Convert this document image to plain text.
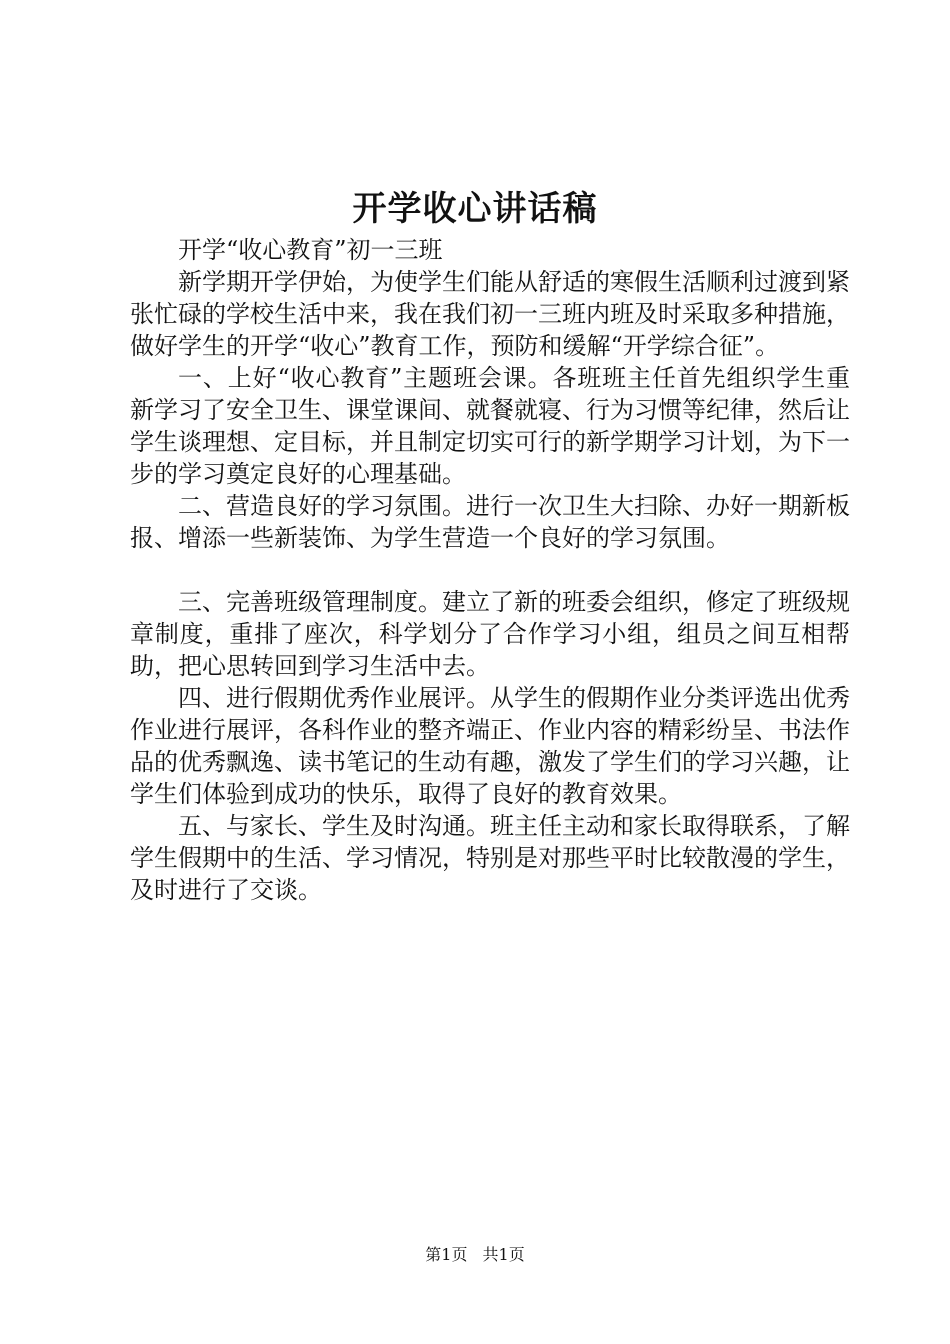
开学收心讲话稿

开学“收心教育”初一三班

新学期开学伊始，为使学生们能从舒适的寒假生活顺利过渡到紧张忙碌的学校生活中来，我在我们初一三班内班及时采取多种措施，做好学生的开学“收心”教育工作，预防和缓解“开学综合征”。

一、上好“收心教育”主题班会课。各班班主任首先组织学生重新学习了安全卫生、课堂课间、就餐就寝、行为习惯等纪律，然后让学生谈理想、定目标，并且制定切实可行的新学期学习计划，为下一步的学习奠定良好的心理基础。

二、营造良好的学习氛围。进行一次卫生大扫除、办好一期新板报、增添一些新装饰、为学生营造一个良好的学习氛围。

三、完善班级管理制度。建立了新的班委会组织，修定了班级规章制度，重排了座次，科学划分了合作学习小组，组员之间互相帮助，把心思转回到学习生活中去。

四、进行假期优秀作业展评。从学生的假期作业分类评选出优秀作业进行展评，各科作业的整齐端正、作业内容的精彩纷呈、书法作品的优秀飘逸、读书笔记的生动有趣，激发了学生们的学习兴趣，让学生们体验到成功的快乐，取得了良好的教育效果。

五、与家长、学生及时沟通。班主任主动和家长取得联系，了解学生假期中的生活、学习情况，特别是对那些平时比较散漫的学生，及时进行了交谈。

第1页 共1页
